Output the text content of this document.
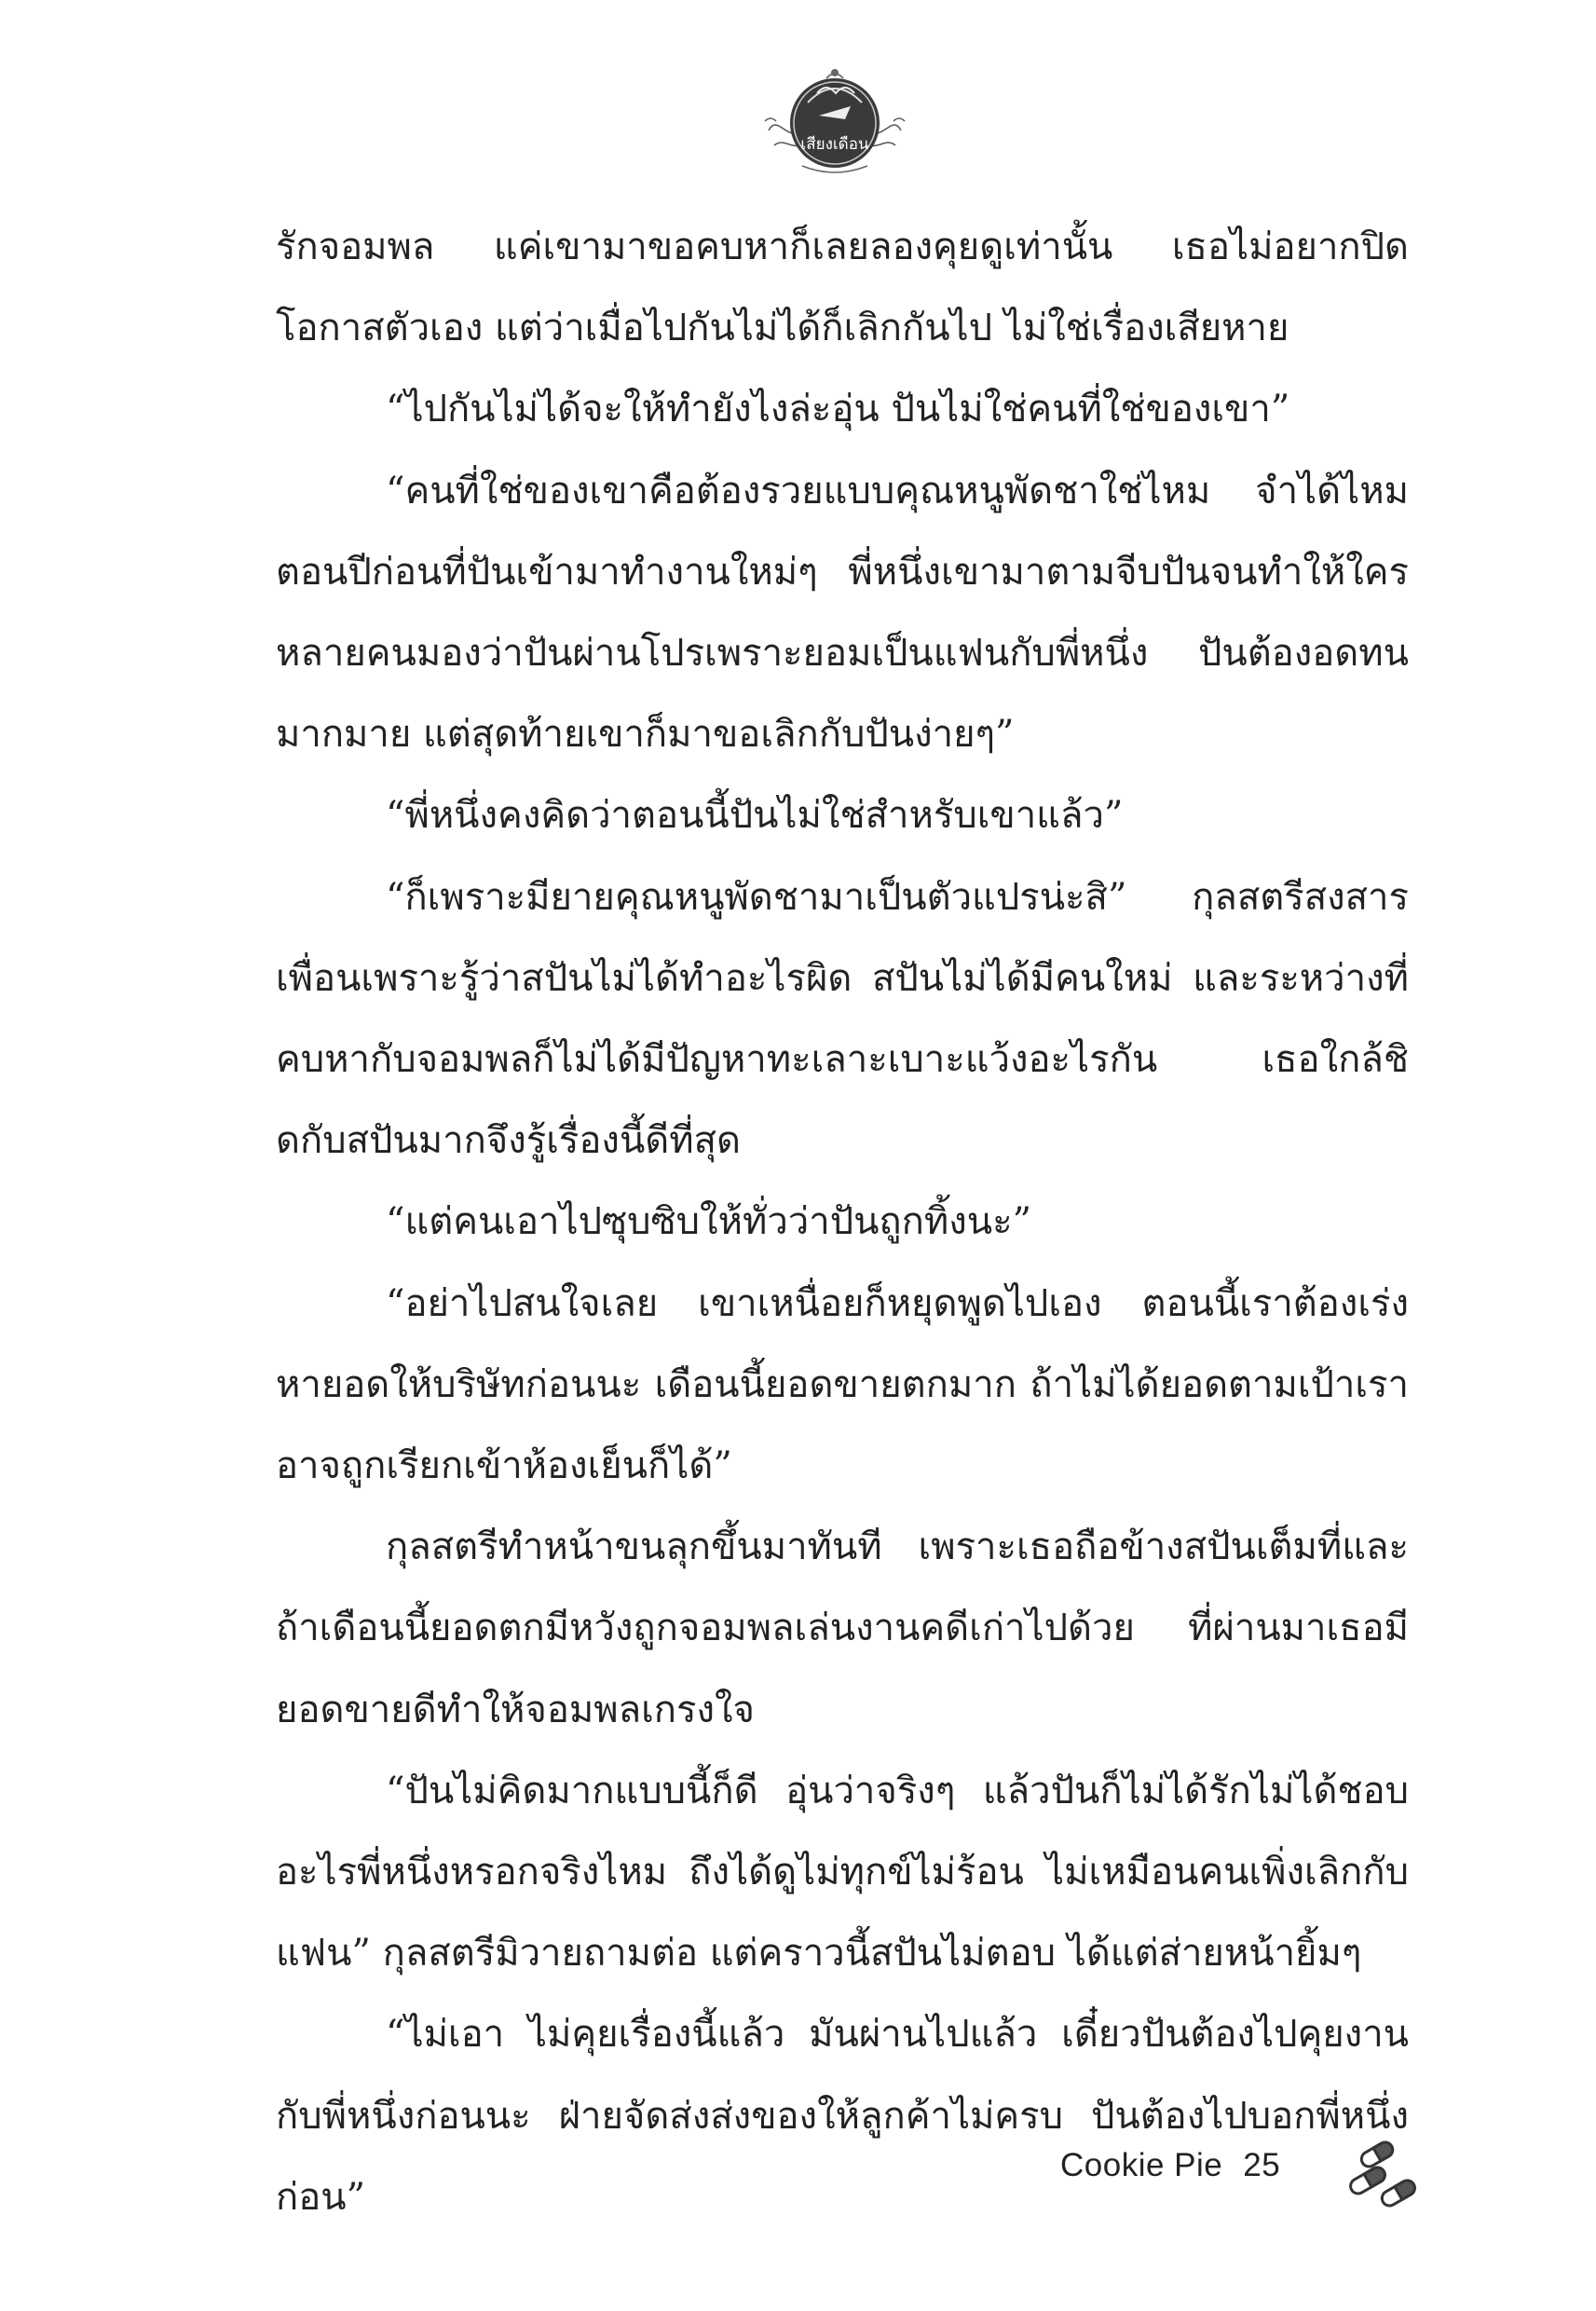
เสียงเดือน

รักจอมพล แค่เขามาขอคบหาก็เลยลองคุยดูเท่านั้น เธอไม่อยากปิดโอกาสตัวเอง แต่ว่าเมื่อไปกันไม่ได้ก็เลิกกันไป ไม่ใช่เรื่องเสียหาย

“ไปกันไม่ได้จะให้ทำยังไงล่ะอุ่น ปันไม่ใช่คนที่ใช่ของเขา”

“คนที่ใช่ของเขาคือต้องรวยแบบคุณหนูพัดชาใช่ไหม จำได้ไหมตอนปีก่อนที่ปันเข้ามาทำงานใหม่ๆ พี่หนึ่งเขามาตามจีบปันจนทำให้ใครหลายคนมองว่าปันผ่านโปรเพราะยอมเป็นแฟนกับพี่หนึ่ง ปันต้องอดทนมากมาย แต่สุดท้ายเขาก็มาขอเลิกกับปันง่ายๆ”

“พี่หนึ่งคงคิดว่าตอนนี้ปันไม่ใช่สำหรับเขาแล้ว”

“ก็เพราะมียายคุณหนูพัดชามาเป็นตัวแปรน่ะสิ” กุลสตรีสงสารเพื่อนเพราะรู้ว่าสปันไม่ได้ทำอะไรผิด สปันไม่ได้มีคนใหม่ และระหว่างที่คบหากับจอมพลก็ไม่ได้มีปัญหาทะเลาะเบาะแว้งอะไรกัน เธอใกล้ชิดกับสปันมากจึงรู้เรื่องนี้ดีที่สุด

“แต่คนเอาไปซุบซิบให้ทั่วว่าปันถูกทิ้งนะ”

“อย่าไปสนใจเลย เขาเหนื่อยก็หยุดพูดไปเอง ตอนนี้เราต้องเร่งหายอดให้บริษัทก่อนนะ เดือนนี้ยอดขายตกมาก ถ้าไม่ได้ยอดตามเป้าเราอาจถูกเรียกเข้าห้องเย็นก็ได้”

กุลสตรีทำหน้าขนลุกขึ้นมาทันที เพราะเธอถือข้างสปันเต็มที่และถ้าเดือนนี้ยอดตกมีหวังถูกจอมพลเล่นงานคดีเก่าไปด้วย ที่ผ่านมาเธอมียอดขายดีทำให้จอมพลเกรงใจ

“ปันไม่คิดมากแบบนี้ก็ดี อุ่นว่าจริงๆ แล้วปันก็ไม่ได้รักไม่ได้ชอบอะไรพี่หนึ่งหรอกจริงไหม ถึงได้ดูไม่ทุกข์ไม่ร้อน ไม่เหมือนคนเพิ่งเลิกกับแฟน” กุลสตรีมิวายถามต่อ แต่คราวนี้สปันไม่ตอบ ได้แต่ส่ายหน้ายิ้มๆ

“ไม่เอา ไม่คุยเรื่องนี้แล้ว มันผ่านไปแล้ว เดี๋ยวปันต้องไปคุยงานกับพี่หนึ่งก่อนนะ ฝ่ายจัดส่งส่งของให้ลูกค้าไม่ครบ ปันต้องไปบอกพี่หนึ่งก่อน”

Cookie Pie 25
